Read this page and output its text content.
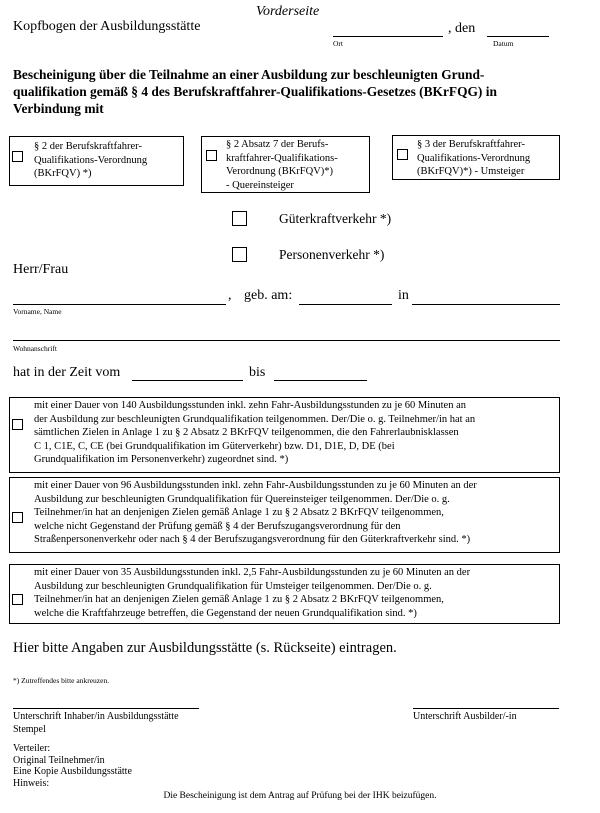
Vorderseite
Kopfbogen der Ausbildungsstätte	, den
Ort	Datum
Bescheinigung über die Teilnahme an einer Ausbildung zur beschleunigten Grund-
qualifikation gemäß § 4 des Berufskraftfahrer-Qualifikations-Gesetzes (BKrFQG) in
Verbindung mit
§ 2 der Berufskraftfahrer-
Qualifikations-Verordnung
(BKrFQV) *)
§ 2 Absatz 7 der Berufs-
kraftfahrer-Qualifikations-
Verordnung (BKrFQV)*)
- Quereinsteiger
§ 3 der Berufskraftfahrer-
Qualifikations-Verordnung
(BKrFQV)*) - Umsteiger
Güterkraftverkehr *)
Personenverkehr *)
Herr/Frau
, geb. am:	in
Vorname, Name
Wohnanschrift
hat in der Zeit vom	bis
mit einer Dauer von 140 Ausbildungsstunden inkl. zehn Fahr-Ausbildungsstunden zu je 60 Minuten an
der Ausbildung zur beschleunigten Grundqualifikation teilgenommen. Der/Die o. g. Teilnehmer/in hat an
sämtlichen Zielen in Anlage 1 zu § 2 Absatz 2 BKrFQV teilgenommen, die den Fahrerlaubnisklassen
C 1, C1E, C, CE (bei Grundqualifikation im Güterverkehr) bzw. D1, D1E, D, DE (bei
Grundqualifikation im Personenverkehr) zugeordnet sind. *)
mit einer Dauer von 96 Ausbildungsstunden inkl. zehn Fahr-Ausbildungsstunden zu je 60 Minuten an der
Ausbildung zur beschleunigten Grundqualifikation für Quereinsteiger teilgenommen. Der/Die o. g.
Teilnehmer/in hat an denjenigen Zielen gemäß Anlage 1 zu § 2 Absatz 2 BKrFQV teilgenommen,
welche nicht Gegenstand der Prüfung gemäß § 4 der Berufszugangsverordnung für den
Straßenpersonenverkehr oder nach § 4 der Berufszugangsverordnung für den Güterkraftverkehr sind. *)
mit einer Dauer von 35 Ausbildungsstunden inkl. 2,5 Fahr-Ausbildungsstunden zu je 60 Minuten an der
Ausbildung zur beschleunigten Grundqualifikation für Umsteiger teilgenommen. Der/Die o. g.
Teilnehmer/in hat an denjenigen Zielen gemäß Anlage 1 zu § 2 Absatz 2 BKrFQV teilgenommen,
welche die Kraftfahrzeuge betreffen, die Gegenstand der neuen Grundqualifikation sind. *)
Hier bitte Angaben zur Ausbildungsstätte (s. Rückseite) eintragen.
*) Zutreffendes bitte ankreuzen.
Unterschrift Inhaber/in Ausbildungsstätte
Stempel
Unterschrift Ausbilder/-in
Verteiler:
Original Teilnehmer/in
Eine Kopie Ausbildungsstätte
Hinweis:
Die Bescheinigung ist dem Antrag auf Prüfung bei der IHK beizufügen.
